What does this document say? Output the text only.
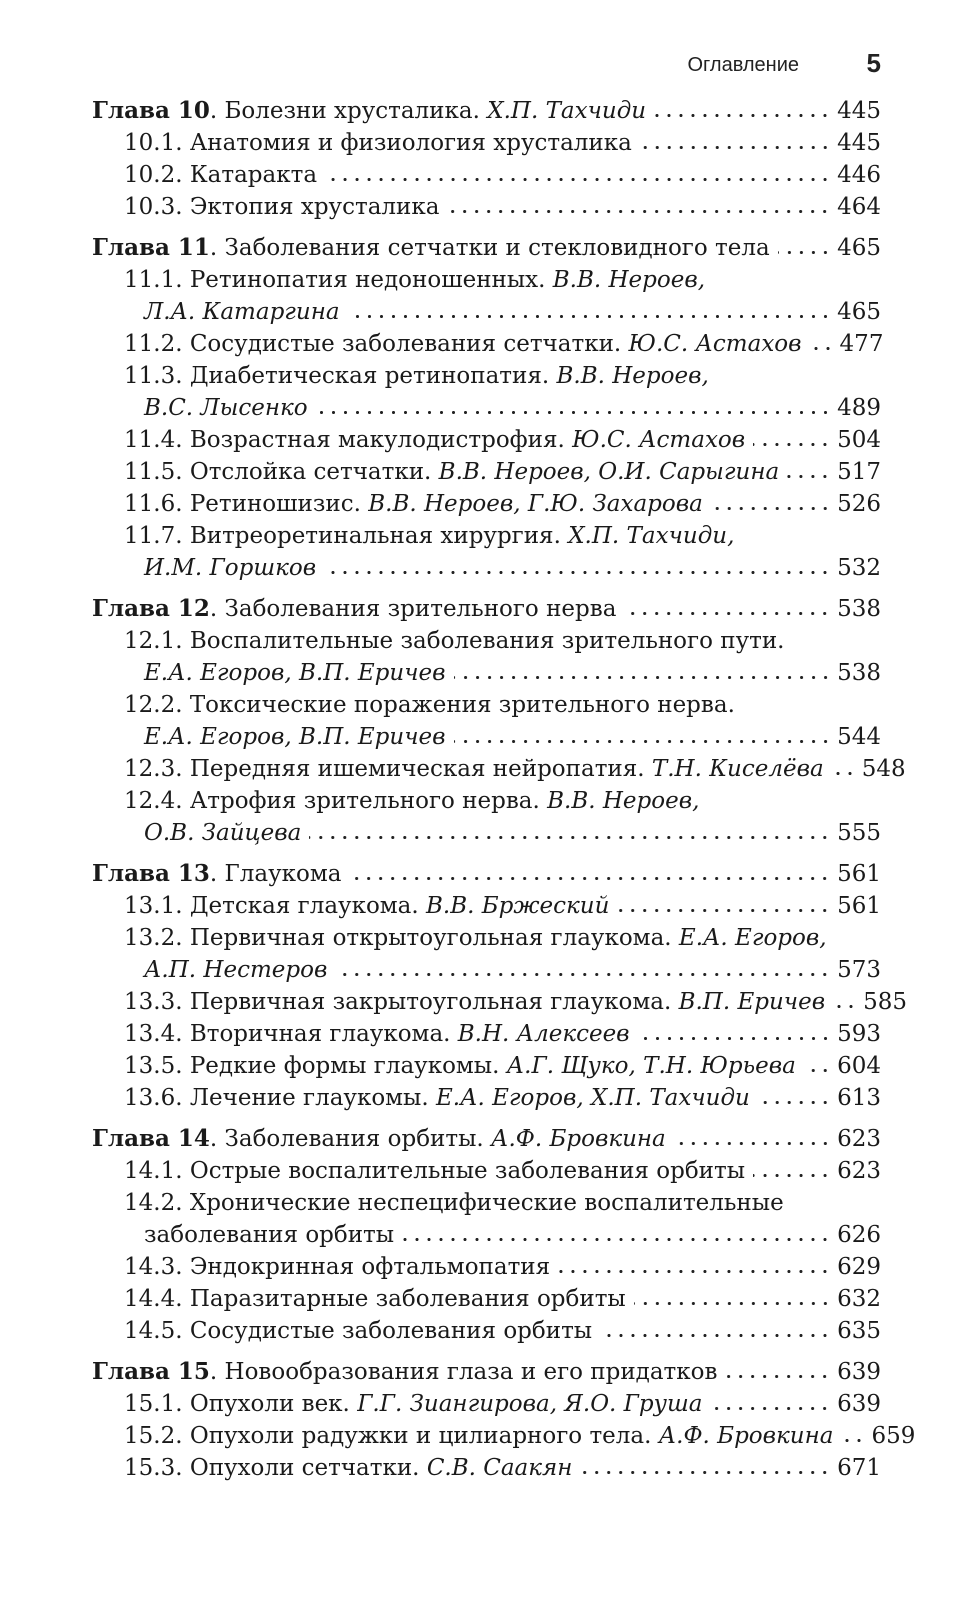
Оглавление	5
Глава 10. Болезни хрусталика. Х.П. Тахчиди	445
10.1. Анатомия и физиология хрусталика	445
10.2. Катаракта	446
10.3. Эктопия хрусталика	464
Глава 11. Заболевания сетчатки и стекловидного тела	465
11.1. Ретинопатия недоношенных. В.В. Нероев,
Л.А. Катаргина	465
11.2. Сосудистые заболевания сетчатки. Ю.С. Астахов 477
11.3. Диабетическая ретинопатия. В.В. Нероев,
В.С. Лысенко	489
11.4. Возрастная макулодистрофия. Ю.С. Астахов	504
11.5. Отслойка сетчатки. В.В. Нероев, О.И. Сарыгина	517
11.6. Ретиношизис. В.В. Нероев, Г.Ю. Захарова	526
11.7. Витреоретинальная хирургия. Х.П. Тахчиди,
И.М. Горшков	532
Глава 12. Заболевания зрительного нерва	538
12.1. Воспалительные заболевания зрительного пути.
Е.А. Егоров, В.П. Еричев	538
12.2. Токсические поражения зрительного нерва.
Е.А. Егоров, В.П. Еричев	544
12.3. Передняя ишемическая нейропатия. Т.Н. Киселёва 548
12.4. Атрофия зрительного нерва. В.В. Нероев,
О.В. Зайцева	555
Глава 13. Глаукома	561
13.1. Детская глаукома. В.В. Бржеский	561
13.2. Первичная открытоугольная глаукома. Е.А. Егоров,
А.П. Нестеров	573
13.3. Первичная закрытоугольная глаукома. В.П. Еричев 585
13.4. Вторичная глаукома. В.Н. Алексеев	593
13.5. Редкие формы глаукомы. А.Г. Щуко, Т.Н. Юрьева 604
13.6. Лечение глаукомы. Е.А. Егоров, Х.П. Тахчиди	613
Глава 14. Заболевания орбиты. А.Ф. Бровкина	623
14.1. Острые воспалительные заболевания орбиты	623
14.2. Хронические неспецифические воспалительные
заболевания орбиты	626
14.3. Эндокринная офтальмопатия	629
14.4. Паразитарные заболевания орбиты	632
14.5. Сосудистые заболевания орбиты	635
Глава 15. Новообразования глаза и его придатков	639
15.1. Опухоли век. Г.Г. Зиангирова, Я.О. Груша	639
15.2. Опухоли радужки и цилиарного тела. А.Ф. Бровкина 659
15.3. Опухоли сетчатки. С.В. Саакян	671
